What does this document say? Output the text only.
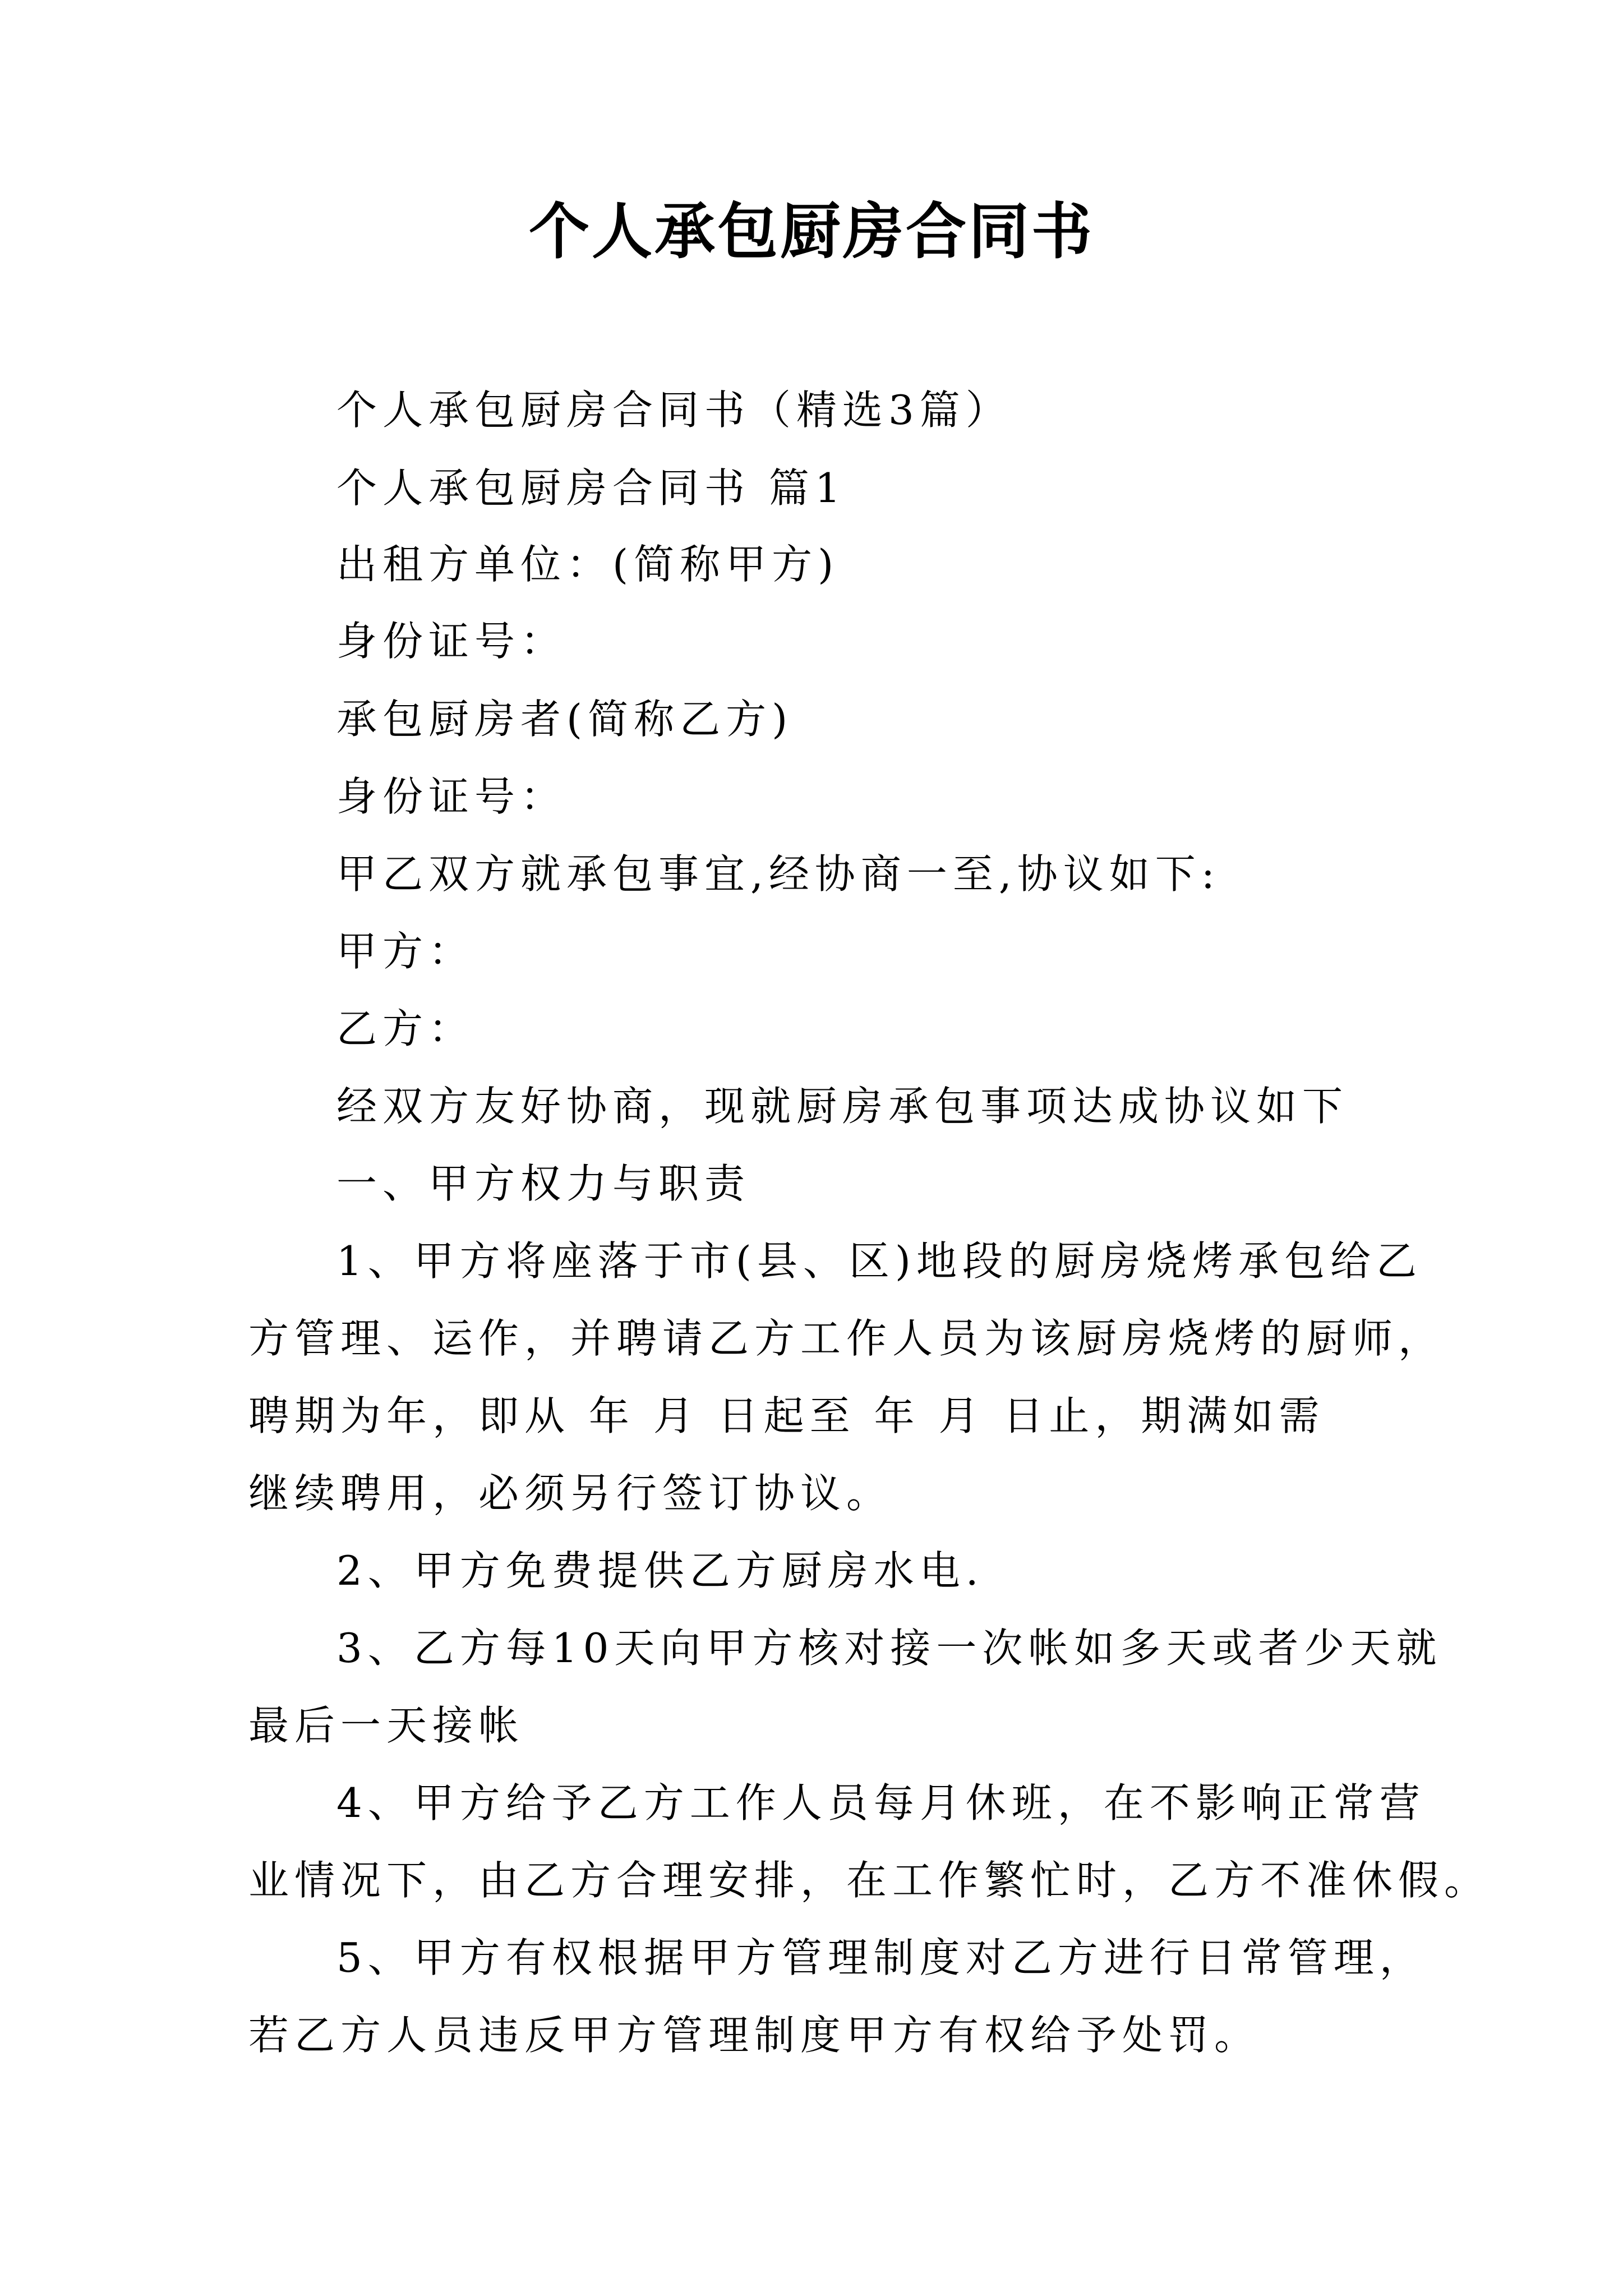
个人承包厨房合同书
个人承包厨房合同书（精选3篇）
个人承包厨房合同书 篇1
出租方单位：(简称甲方)
身份证号：
承包厨房者(简称乙方)
身份证号：
甲乙双方就承包事宜,经协商一至,协议如下:
甲方：
乙方：
经双方友好协商，现就厨房承包事项达成协议如下
一、甲方权力与职责
1、甲方将座落于市(县、区)地段的厨房烧烤承包给乙
方管理、运作，并聘请乙方工作人员为该厨房烧烤的厨师，
聘期为年，即从 年 月 日起至 年 月 日止，期满如需
继续聘用，必须另行签订协议。
2、甲方免费提供乙方厨房水电.
3、乙方每10天向甲方核对接一次帐如多天或者少天就
最后一天接帐
4、甲方给予乙方工作人员每月休班，在不影响正常营
业情况下，由乙方合理安排，在工作繁忙时，乙方不准休假。
5、甲方有权根据甲方管理制度对乙方进行日常管理，
若乙方人员违反甲方管理制度甲方有权给予处罚。
